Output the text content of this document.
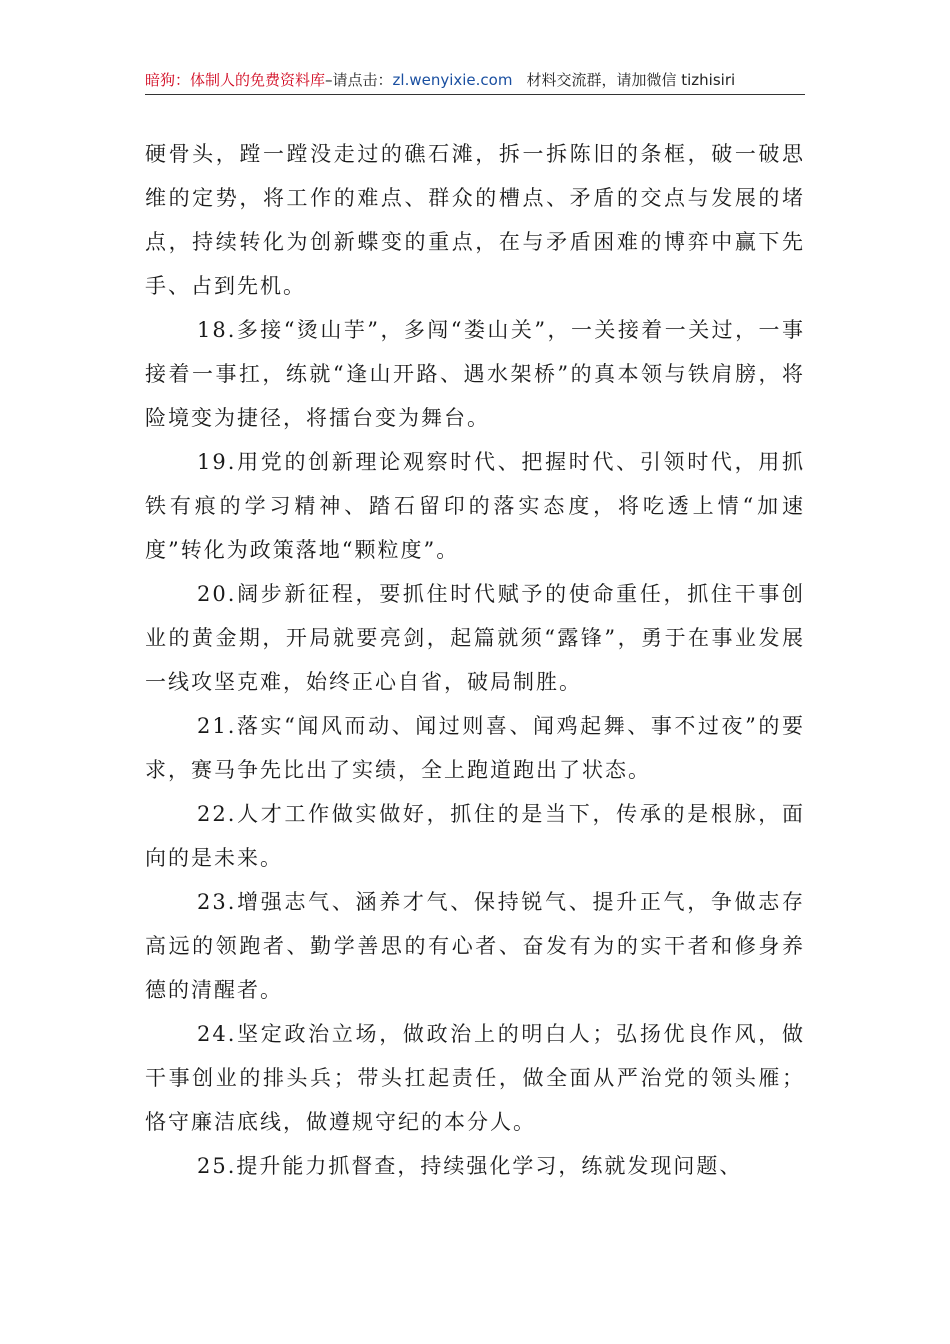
暗狗：体制人的免费资料库–请点击：zl.wenyixie.com 材料交流群，请加微信 tizhisiri

硬骨头，蹚一蹚没走过的礁石滩，拆一拆陈旧的条框，破一破思维的定势，将工作的难点、群众的槽点、矛盾的交点与发展的堵点，持续转化为创新蝶变的重点，在与矛盾困难的博弈中赢下先手、占到先机。

18.多接“烫山芋”，多闯“娄山关”，一关接着一关过，一事接着一事扛，练就“逢山开路、遇水架桥”的真本领与铁肩膀，将险境变为捷径，将擂台变为舞台。

19.用党的创新理论观察时代、把握时代、引领时代，用抓铁有痕的学习精神、踏石留印的落实态度，将吃透上情“加速度”转化为政策落地“颗粒度”。

20.阔步新征程，要抓住时代赋予的使命重任，抓住干事创业的黄金期，开局就要亮剑，起篇就须“露锋”，勇于在事业发展一线攻坚克难，始终正心自省，破局制胜。

21.落实“闻风而动、闻过则喜、闻鸡起舞、事不过夜”的要求，赛马争先比出了实绩，全上跑道跑出了状态。

22.人才工作做实做好，抓住的是当下，传承的是根脉，面向的是未来。

23.增强志气、涵养才气、保持锐气、提升正气，争做志存高远的领跑者、勤学善思的有心者、奋发有为的实干者和修身养德的清醒者。

24.坚定政治立场，做政治上的明白人；弘扬优良作风，做干事创业的排头兵；带头扛起责任，做全面从严治党的领头雁；恪守廉洁底线，做遵规守纪的本分人。

25.提升能力抓督查，持续强化学习，练就发现问题、
